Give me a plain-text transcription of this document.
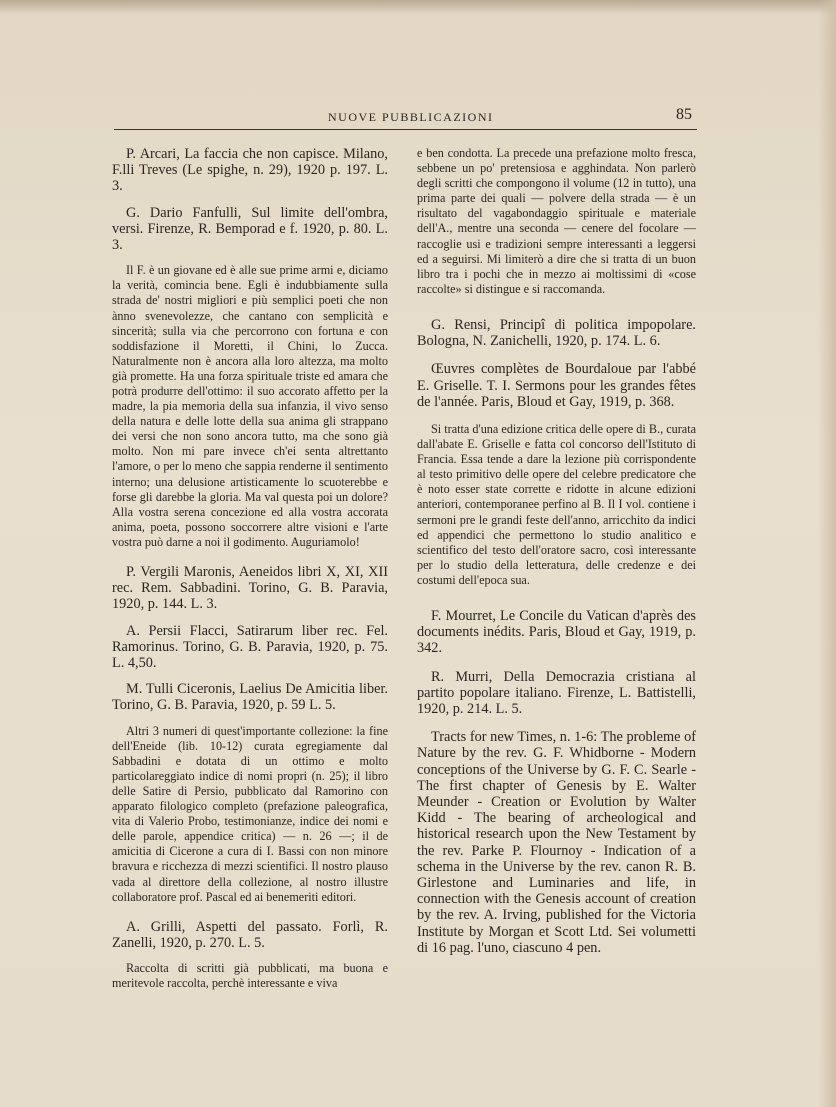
NUOVE PUBBLICAZIONI	85

P. Arcari, La faccia che non capisce. Milano, F.lli Treves (Le spighe, n. 29), 1920 p. 197. L. 3.

G. Dario Fanfulli, Sul limite dell'ombra, versi. Firenze, R. Bemporad e f. 1920, p. 80. L. 3.

Il F. è un giovane ed è alle sue prime armi e, diciamo la verità, comincia bene. Egli è indubbiamente sulla strada de' nostri migliori e più semplici poeti che non ànno svenevolezze, che cantano con semplicità e sincerità; sulla via che percorrono con fortuna e con soddisfazione il Moretti, il Chini, lo Zucca. Naturalmente non è ancora alla loro altezza, ma molto già promette. Ha una forza spirituale triste ed amara che potrà produrre dell'ottimo: il suo accorato affetto per la madre, la pia memoria della sua infanzia, il vivo senso della natura e delle lotte della sua anima gli strappano dei versi che non sono ancora tutto, ma che sono già molto. Non mi pare invece ch'ei senta altrettanto l'amore, o per lo meno che sappia renderne il sentimento interno; una delusione artisticamente lo scuoterebbe e forse gli darebbe la gloria. Ma val questa poi un dolore? Alla vostra serena concezione ed alla vostra accorata anima, poeta, possono soccorrere altre visioni e l'arte vostra può darne a noi il godimento. Auguriamolo!

P. Vergili Maronis, Aeneidos libri X, XI, XII rec. Rem. Sabbadini. Torino, G. B. Paravia, 1920, p. 144. L. 3.

A. Persii Flacci, Satirarum liber rec. Fel. Ramorinus. Torino, G. B. Paravia, 1920, p. 75. L. 4,50.

M. Tulli Ciceronis, Laelius De Amicitia liber. Torino, G. B. Paravia, 1920, p. 59 L. 5.

Altri 3 numeri di quest'importante collezione: la fine dell'Eneide (lib. 10-12) curata egregiamente dal Sabbadini e dotata di un ottimo e molto particolareggiato indice di nomi propri (n. 25); il libro delle Satire di Persio, pubblicato dal Ramorino con apparato filologico completo (prefazione paleografica, vita di Valerio Probo, testimonianze, indice dei nomi e delle parole, appendice critica) — n. 26 —; il de amicitia di Cicerone a cura di I. Bassi con non minore bravura e ricchezza di mezzi scientifici. Il nostro plauso vada al direttore della collezione, al nostro illustre collaboratore prof. Pascal ed ai benemeriti editori.

A. Grilli, Aspetti del passato. Forlì, R. Zanelli, 1920, p. 270. L. 5.

Raccolta di scritti già pubblicati, ma buona e meritevole raccolta, perchè interessante e viva

e ben condotta. La precede una prefazione molto fresca, sebbene un po' pretensiosa e agghindata. Non parlerò degli scritti che compongono il volume (12 in tutto), una prima parte dei quali — polvere della strada — è un risultato del vagabondaggio spirituale e materiale dell'A., mentre una seconda — cenere del focolare — raccoglie usi e tradizioni sempre interessanti a leggersi ed a seguirsi. Mi limiterò a dire che si tratta di un buon libro tra i pochi che in mezzo ai moltissimi di «cose raccolte» si distingue e si raccomanda.

G. Rensi, Principî di politica impopolare. Bologna, N. Zanichelli, 1920, p. 174. L. 6.

Œuvres complètes de Bourdaloue par l'abbé E. Griselle. T. I. Sermons pour les grandes fêtes de l'année. Paris, Bloud et Gay, 1919, p. 368.

Si tratta d'una edizione critica delle opere di B., curata dall'abate E. Griselle e fatta col concorso dell'Istituto di Francia. Essa tende a dare la lezione più corrispondente al testo primitivo delle opere del celebre predicatore che è noto esser state corrette e ridotte in alcune edizioni anteriori, contemporanee perfino al B. Il I vol. contiene i sermoni pre le grandi feste dell'anno, arricchito da indici ed appendici che permettono lo studio analitico e scientifico del testo dell'oratore sacro, così interessante per lo studio della letteratura, delle credenze e dei costumi dell'epoca sua.

F. Mourret, Le Concile du Vatican d'après des documents inédits. Paris, Bloud et Gay, 1919, p. 342.

R. Murri, Della Democrazia cristiana al partito popolare italiano. Firenze, L. Battistelli, 1920, p. 214. L. 5.

Tracts for new Times, n. 1-6: The probleme of Nature by the rev. G. F. Whidborne - Modern conceptions of the Universe by G. F. C. Searle - The first chapter of Genesis by E. Walter Meunder - Creation or Evolution by Walter Kidd - The bearing of archeological and historical research upon the New Testament by the rev. Parke P. Flournoy - Indication of a schema in the Universe by the rev. canon R. B. Girlestone and Luminaries and life, in connection with the Genesis account of creation by the rev. A. Irving, published for the Victoria Institute by Morgan et Scott Ltd. Sei volumetti di 16 pag. l'uno, ciascuno 4 pen.
